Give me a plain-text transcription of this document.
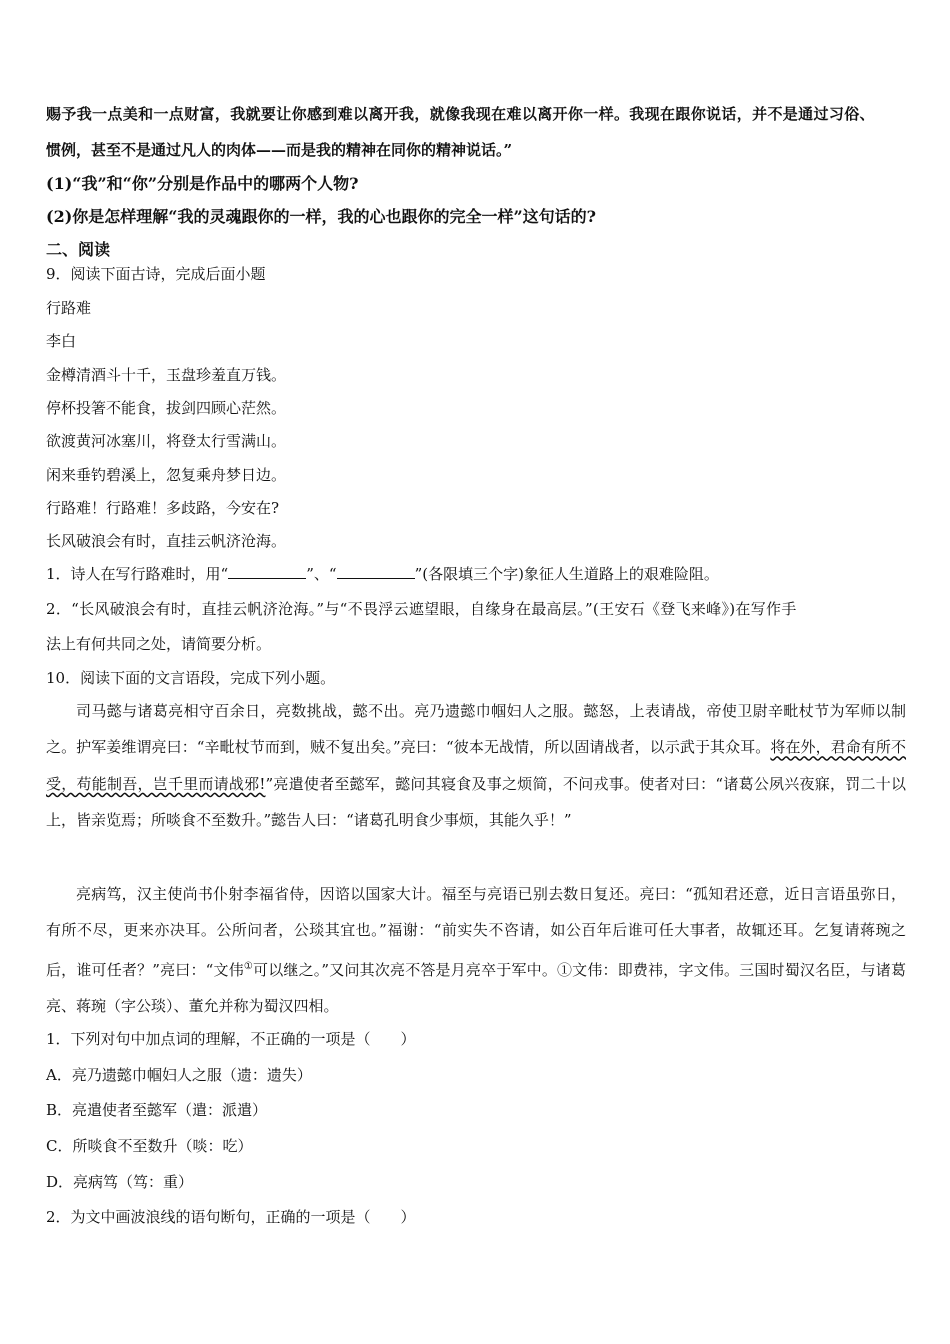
赐予我一点美和一点财富，我就要让你感到难以离开我，就像我现在难以离开你一样。我现在跟你说话，并不是通过习俗、
惯例，甚至不是通过凡人的肉体——而是我的精神在同你的精神说话。”
(1)“我”和“你”分别是作品中的哪两个人物?
(2)你是怎样理解“我的灵魂跟你的一样，我的心也跟你的完全一样”这句话的?
二、阅读
9．阅读下面古诗，完成后面小题
行路难
李白
金樽清酒斗十千，玉盘珍羞直万钱。
停杯投箸不能食，拔剑四顾心茫然。
欲渡黄河冰塞川，将登太行雪满山。
闲来垂钓碧溪上，忽复乘舟梦日边。
行路难！行路难！多歧路，今安在?
长风破浪会有时，直挂云帆济沧海。
1．诗人在写行路难时，用“	”、“	”(各限填三个字)象征人生道路上的艰难险阻。
2．“长风破浪会有时，直挂云帆济沧海。”与“不畏浮云遮望眼，自缘身在最高层。”(王安石《登飞来峰》)在写作手
法上有何共同之处，请简要分析。
10．阅读下面的文言语段，完成下列小题。

司马懿与诸葛亮相守百余日，亮数挑战，懿不出。亮乃遗懿巾帼妇人之服。懿怒，上表请战，帝使卫尉辛毗杖节为军师以制之。护军姜维谓亮曰：“辛毗杖节而到，贼不复出矣。”亮曰：“彼本无战情，所以固请战者，以示武于其众耳。将在外，君命有所不受，苟能制吾，岂千里而请战邪!”亮遣使者至懿军，懿问其寝食及事之烦简，不问戎事。使者对曰：“诸葛公夙兴夜寐，罚二十以上，皆亲览焉；所啖食不至数升。”懿告人曰：“诸葛孔明食少事烦，其能久乎！”

亮病笃，汉主使尚书仆射李福省侍，因谘以国家大计。福至与亮语已别去数日复还。亮曰：“孤知君还意，近日言语虽弥日，有所不尽，更来亦决耳。公所问者，公琰其宜也。”福谢：“前实失不咨请，如公百年后谁可任大事者，故辄还耳。乞复请蒋琬之后，谁可任者？”亮曰：“文伟①可以继之。”又问其次亮不答是月亮卒于军中。①文伟：即费祎，字文伟。三国时蜀汉名臣，与诸葛亮、蒋琬（字公琰）、董允并称为蜀汉四相。

1．下列对句中加点词的理解，不正确的一项是（　　）
A．亮乃遗懿巾帼妇人之服（遗：遗失）
B．亮遣使者至懿军（遣：派遣）
C．所啖食不至数升（啖：吃）
D．亮病笃（笃：重）
2．为文中画波浪线的语句断句，正确的一项是（　　）
